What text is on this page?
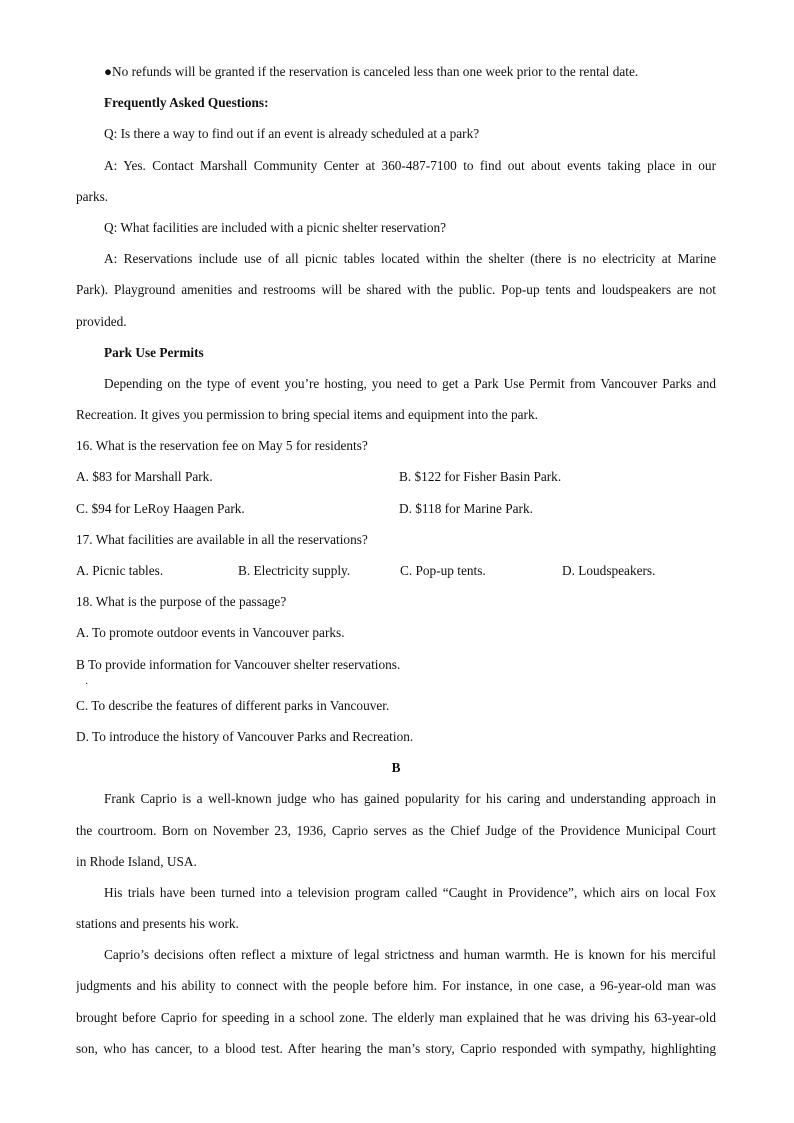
●No refunds will be granted if the reservation is canceled less than one week prior to the rental date.
Frequently Asked Questions:
Q: Is there a way to find out if an event is already scheduled at a park?
A: Yes. Contact Marshall Community Center at 360-487-7100 to find out about events taking place in our
parks.
Q: What facilities are included with a picnic shelter reservation?
A: Reservations include use of all picnic tables located within the shelter (there is no electricity at Marine
Park). Playground amenities and restrooms will be shared with the public. Pop-up tents and loudspeakers are not
provided.
Park Use Permits
Depending on the type of event you’re hosting, you need to get a Park Use Permit from Vancouver Parks and
Recreation. It gives you permission to bring special items and equipment into the park.
16. What is the reservation fee on May 5 for residents?
A. $83 for Marshall Park.	B. $122 for Fisher Basin Park.
C. $94 for LeRoy Haagen Park.	D. $118 for Marine Park.
17. What facilities are available in all the reservations?
A. Picnic tables.	B. Electricity supply.	C. Pop-up tents.	D. Loudspeakers.
18. What is the purpose of the passage?
A. To promote outdoor events in Vancouver parks.
B To provide information for Vancouver shelter reservations.
·
C. To describe the features of different parks in Vancouver.
D. To introduce the history of Vancouver Parks and Recreation.
B
Frank Caprio is a well-known judge who has gained popularity for his caring and understanding approach in
the courtroom. Born on November 23, 1936, Caprio serves as the Chief Judge of the Providence Municipal Court
in Rhode Island, USA.
His trials have been turned into a television program called “Caught in Providence”, which airs on local Fox
stations and presents his work.
Caprio’s decisions often reflect a mixture of legal strictness and human warmth. He is known for his merciful
judgments and his ability to connect with the people before him. For instance, in one case, a 96-year-old man was
brought before Caprio for speeding in a school zone. The elderly man explained that he was driving his 63-year-old
son, who has cancer, to a blood test. After hearing the man’s story, Caprio responded with sympathy, highlighting
